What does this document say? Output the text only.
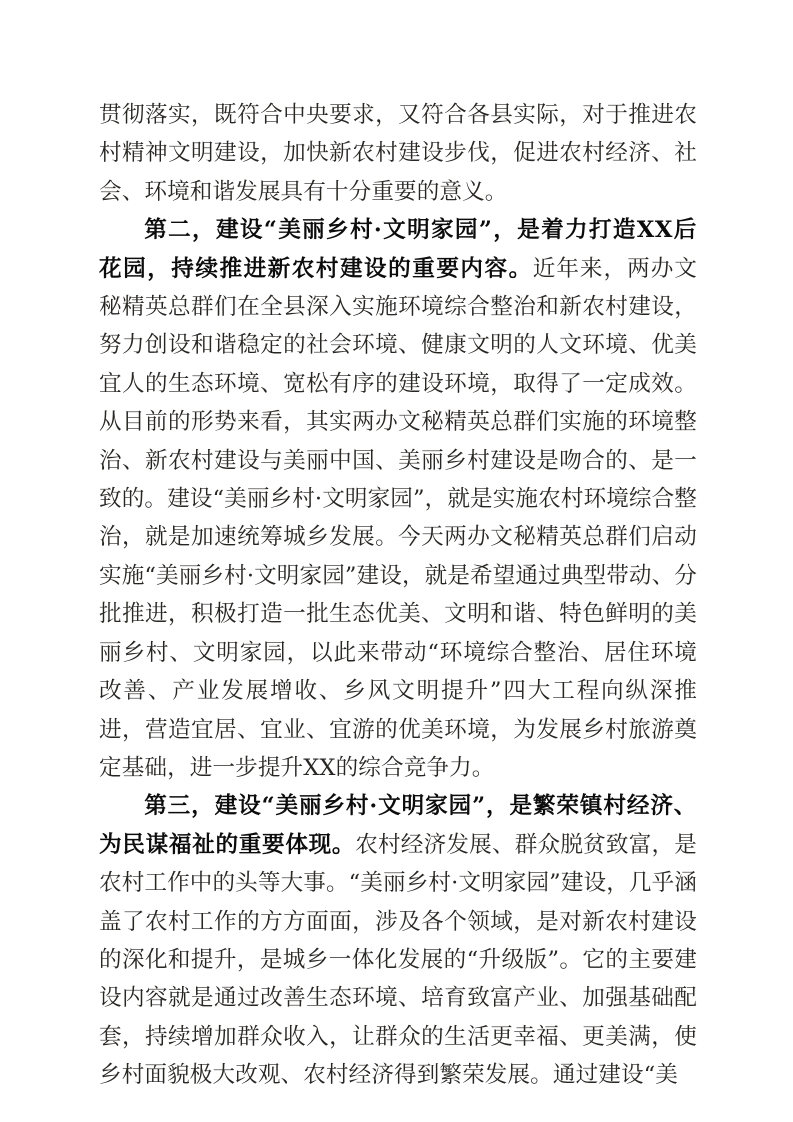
贯彻落实，既符合中央要求，又符合各县实际，对于推进农村精神文明建设，加快新农村建设步伐，促进农村经济、社会、环境和谐发展具有十分重要的意义。

第二，建设“美丽乡村·文明家园”，是着力打造XX后花园，持续推进新农村建设的重要内容。近年来，两办文秘精英总群们在全县深入实施环境综合整治和新农村建设，努力创设和谐稳定的社会环境、健康文明的人文环境、优美宜人的生态环境、宽松有序的建设环境，取得了一定成效。从目前的形势来看，其实两办文秘精英总群们实施的环境整治、新农村建设与美丽中国、美丽乡村建设是吻合的、是一致的。建设“美丽乡村·文明家园”，就是实施农村环境综合整治，就是加速统筹城乡发展。今天两办文秘精英总群们启动实施“美丽乡村·文明家园”建设，就是希望通过典型带动、分批推进，积极打造一批生态优美、文明和谐、特色鲜明的美丽乡村、文明家园，以此来带动“环境综合整治、居住环境改善、产业发展增收、乡风文明提升”四大工程向纵深推进，营造宜居、宜业、宜游的优美环境，为发展乡村旅游奠定基础，进一步提升XX的综合竞争力。

第三，建设“美丽乡村·文明家园”，是繁荣镇村经济、为民谋福祉的重要体现。农村经济发展、群众脱贫致富，是农村工作中的头等大事。“美丽乡村·文明家园”建设，几乎涵盖了农村工作的方方面面，涉及各个领域，是对新农村建设的深化和提升，是城乡一体化发展的“升级版”。它的主要建设内容就是通过改善生态环境、培育致富产业、加强基础配套，持续增加群众收入，让群众的生活更幸福、更美满，使乡村面貌极大改观、农村经济得到繁荣发展。通过建设“美
